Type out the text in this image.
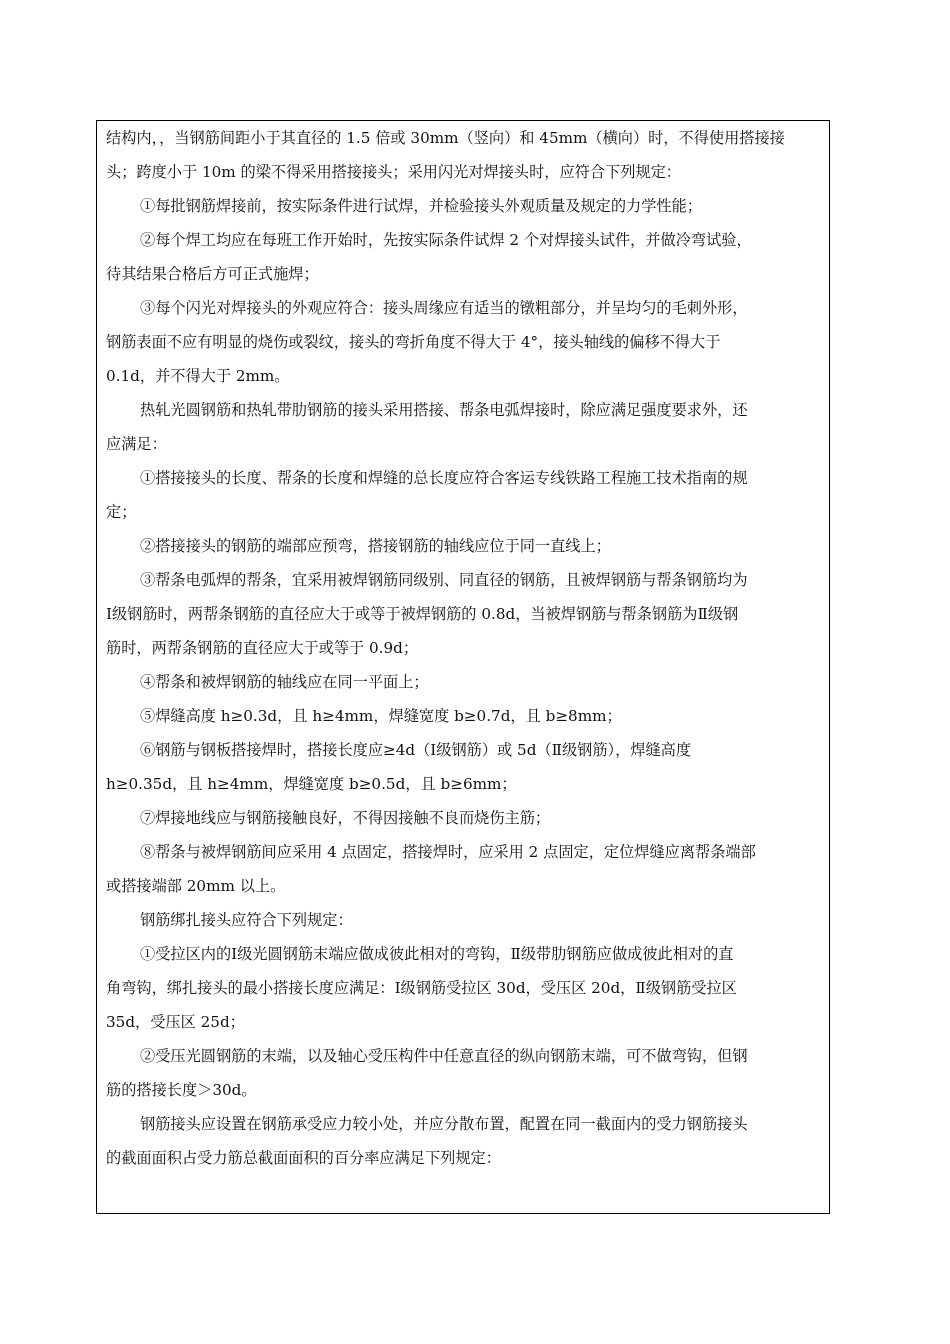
结构内，，当钢筋间距小于其直径的 1.5 倍或 30mm（竖向）和 45mm（横向）时，不得使用搭接接
头；跨度小于 10m 的梁不得采用搭接接头；采用闪光对焊接头时，应符合下列规定：
①每批钢筋焊接前，按实际条件进行试焊，并检验接头外观质量及规定的力学性能；
②每个焊工均应在每班工作开始时，先按实际条件试焊 2 个对焊接头试件，并做冷弯试验，
待其结果合格后方可正式施焊；
③每个闪光对焊接头的外观应符合：接头周缘应有适当的镦粗部分，并呈均匀的毛刺外形，
钢筋表面不应有明显的烧伤或裂纹，接头的弯折角度不得大于 4°，接头轴线的偏移不得大于
0.1d，并不得大于 2mm。
热轧光圆钢筋和热轧带肋钢筋的接头采用搭接、帮条电弧焊接时，除应满足强度要求外，还
应满足：
①搭接接头的长度、帮条的长度和焊缝的总长度应符合客运专线铁路工程施工技术指南的规
定；
②搭接接头的钢筋的端部应预弯，搭接钢筋的轴线应位于同一直线上；
③帮条电弧焊的帮条，宜采用被焊钢筋同级别、同直径的钢筋，且被焊钢筋与帮条钢筋均为
Ⅰ级钢筋时，两帮条钢筋的直径应大于或等于被焊钢筋的 0.8d，当被焊钢筋与帮条钢筋为Ⅱ级钢
筋时，两帮条钢筋的直径应大于或等于 0.9d；
④帮条和被焊钢筋的轴线应在同一平面上；
⑤焊缝高度 h≥0.3d，且 h≥4mm，焊缝宽度 b≥0.7d，且 b≥8mm；
⑥钢筋与钢板搭接焊时，搭接长度应≥4d（Ⅰ级钢筋）或 5d（Ⅱ级钢筋），焊缝高度
h≥0.35d，且 h≥4mm，焊缝宽度 b≥0.5d，且 b≥6mm；
⑦焊接地线应与钢筋接触良好，不得因接触不良而烧伤主筋；
⑧帮条与被焊钢筋间应采用 4 点固定，搭接焊时，应采用 2 点固定，定位焊缝应离帮条端部
或搭接端部 20mm 以上。
钢筋绑扎接头应符合下列规定：
①受拉区内的Ⅰ级光圆钢筋末端应做成彼此相对的弯钩，Ⅱ级带肋钢筋应做成彼此相对的直
角弯钩，绑扎接头的最小搭接长度应满足：Ⅰ级钢筋受拉区 30d，受压区 20d，Ⅱ级钢筋受拉区
35d，受压区 25d；
②受压光圆钢筋的末端，以及轴心受压构件中任意直径的纵向钢筋末端，可不做弯钩，但钢
筋的搭接长度＞30d。
钢筋接头应设置在钢筋承受应力较小处，并应分散布置，配置在同一截面内的受力钢筋接头
的截面面积占受力筋总截面面积的百分率应满足下列规定：
